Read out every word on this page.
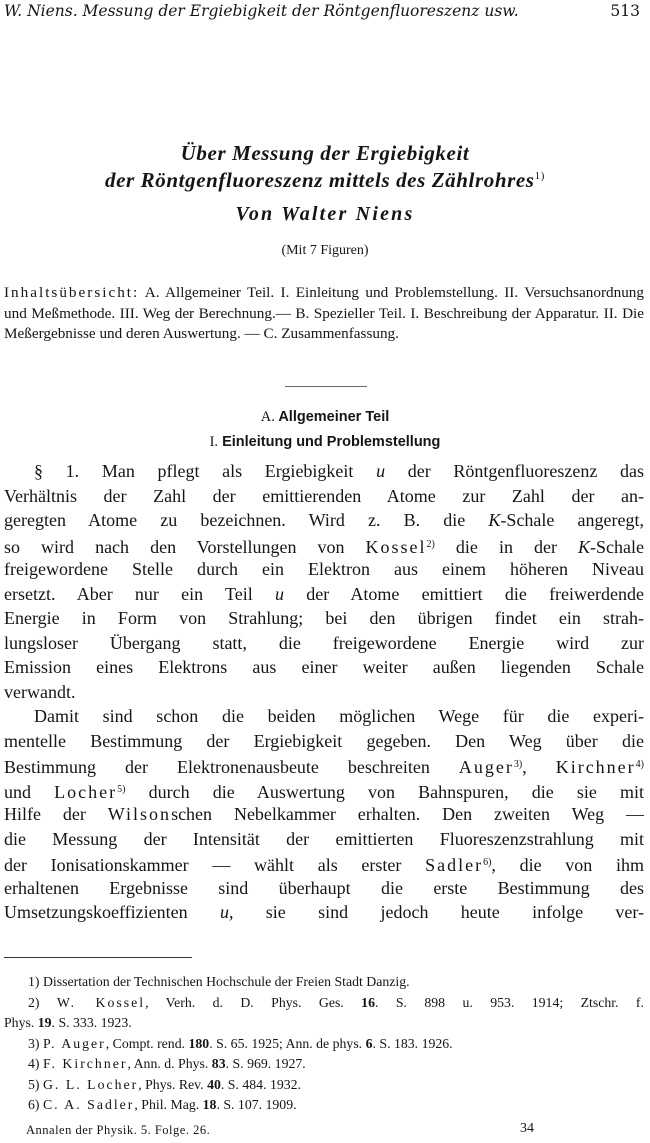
W. Niens. Messung der Ergiebigkeit der Röntgenfluoreszenz usw.	513
Über Messung der Ergiebigkeit
der Röntgenfluoreszenz mittels des Zählrohres$^{1)}$
Von Walter Niens
(Mit 7 Figuren)
Inhaltsübersicht: A. Allgemeiner Teil. I. Einleitung und Problemstellung. II. Versuchsanordnung und Meßmethode. III. Weg der Berechnung.— B. Spezieller Teil. I. Beschreibung der Apparatur. II. Die Meßergebnisse und deren Auswertung. — C. Zusammenfassung.
A. Allgemeiner Teil
I. Einleitung und Problemstellung
§ 1. Man pflegt als Ergiebigkeit u der Röntgenfluoreszenz das
Verhältnis der Zahl der emittierenden Atome zur Zahl der an-
geregten Atome zu bezeichnen. Wird z. B. die K-Schale angeregt,
so wird nach den Vorstellungen von Kossel$^{2)}$ die in der K-Schale
freigewordene Stelle durch ein Elektron aus einem höheren Niveau
ersetzt. Aber nur ein Teil u der Atome emittiert die freiwerdende
Energie in Form von Strahlung; bei den übrigen findet ein strah-
lungsloser Übergang statt, die freigewordene Energie wird zur
Emission eines Elektrons aus einer weiter außen liegenden Schale
verwandt.
Damit sind schon die beiden möglichen Wege für die experi-
mentelle Bestimmung der Ergiebigkeit gegeben. Den Weg über die
Bestimmung der Elektronenausbeute beschreiten Auger$^{3)}$, Kirchner$^{4)}$
und Locher$^{5)}$ durch die Auswertung von Bahnspuren, die sie mit
Hilfe der Wilsonschen Nebelkammer erhalten. Den zweiten Weg —
die Messung der Intensität der emittierten Fluoreszenzstrahlung mit
der Ionisationskammer — wählt als erster Sadler$^{6)}$, die von ihm
erhaltenen Ergebnisse sind überhaupt die erste Bestimmung des
Umsetzungskoeffizienten u, sie sind jedoch heute infolge ver-
1) Dissertation der Technischen Hochschule der Freien Stadt Danzig.
2) W. Kossel, Verh. d. D. Phys. Ges. 16. S. 898 u. 953. 1914; Ztschr. f.
Phys. 19. S. 333. 1923.
3) P. Auger, Compt. rend. 180. S. 65. 1925; Ann. de phys. 6. S. 183. 1926.
4) F. Kirchner, Ann. d. Phys. 83. S. 969. 1927.
5) G. L. Locher, Phys. Rev. 40. S. 484. 1932.
6) C. A. Sadler, Phil. Mag. 18. S. 107. 1909.
Annalen der Physik. 5. Folge. 26.	34
